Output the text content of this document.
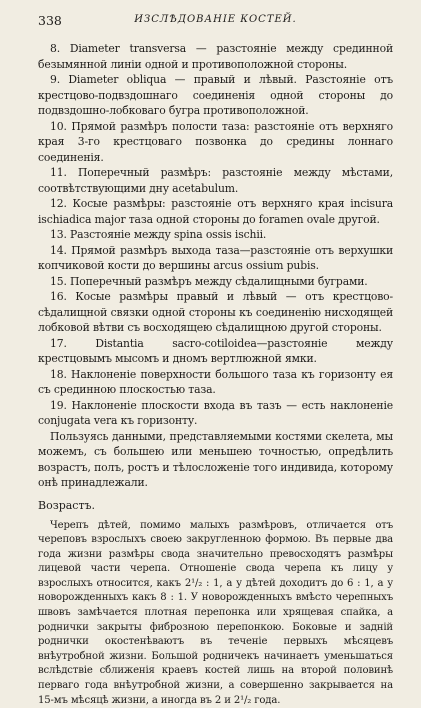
338	ИЗСЛѢДОВАНІЕ КОСТЕЙ.

8. Diameter transversa — разстояніе между срединной безымянной линіи одной и противоположной стороны.

9. Diameter obliqua — правый и лѣвый. Разстояніе отъ крестцово-подвздошнаго соединенія одной стороны до подвздошно-лобковаго бугра противоположной.

10. Прямой размѣръ полости таза: разстояніе отъ верхняго края 3-го крестцоваго позвонка до средины лоннаго соединенія.

11. Поперечный размѣръ: разстояніе между мѣстами, соотвѣтствующими дну acetabulum.

12. Косые размѣры: разстояніе отъ верхняго края incisura ischiadica major таза одной стороны до foramen ovale другой.

13. Разстояніе между spina ossis ischii.

14. Прямой размѣръ выхода таза—разстояніе отъ верхушки копчиковой кости до вершины arcus ossium pubis.

15. Поперечный размѣръ между сѣдалищными буграми.

16. Косые размѣры правый и лѣвый — отъ крестцово-сѣдалищной связки одной стороны къ соединенію нисходящей лобковой вѣтви съ восходящею сѣдалищною другой стороны.

17. Distantia sacro-cotiloidea—разстояніе между крестцовымъ мысомъ и дномъ вертлюжной ямки.

18. Наклоненіе поверхности большого таза къ горизонту ея съ срединною плоскостью таза.

19. Наклоненіе плоскости входа въ тазъ — есть наклоненіе conjugata vera къ горизонту.

Пользуясь данными, представляемыми костями скелета, мы можемъ, съ большею или меньшею точностью, опредѣлить возрастъ, полъ, ростъ и тѣлосложеніе того индивида, которому онѣ принадлежали.

Возрастъ.

Черепъ дѣтей, помимо малыхъ размѣровъ, отличается отъ череповъ взрослыхъ своею закругленною формою. Въ первые два года жизни размѣры свода значительно превосходятъ размѣры лицевой части черепа. Отношеніе свода черепа къ лицу у взрослыхъ относится, какъ 2¹/₂ : 1, а у дѣтей доходитъ до 6 : 1, а у новорожденныхъ какъ 8 : 1. У новорожденныхъ вмѣсто черепныхъ швовъ замѣчается плотная перепонка или хрящевая спайка, а роднички закрыты фиброзною перепонкою. Боковые и заднiй роднички окостенѣваютъ въ теченіе первыхъ мѣсяцевъ внѣутробной жизни. Большой родничекъ начинаетъ уменьшаться вслѣдствіе сближенія краевъ костей лишь на второй половинѣ перваго года внѣутробной жизни, а совершенно закрывается на 15-мъ мѣсяцѣ жизни, а иногда въ 2 и 2¹/₂ года.
